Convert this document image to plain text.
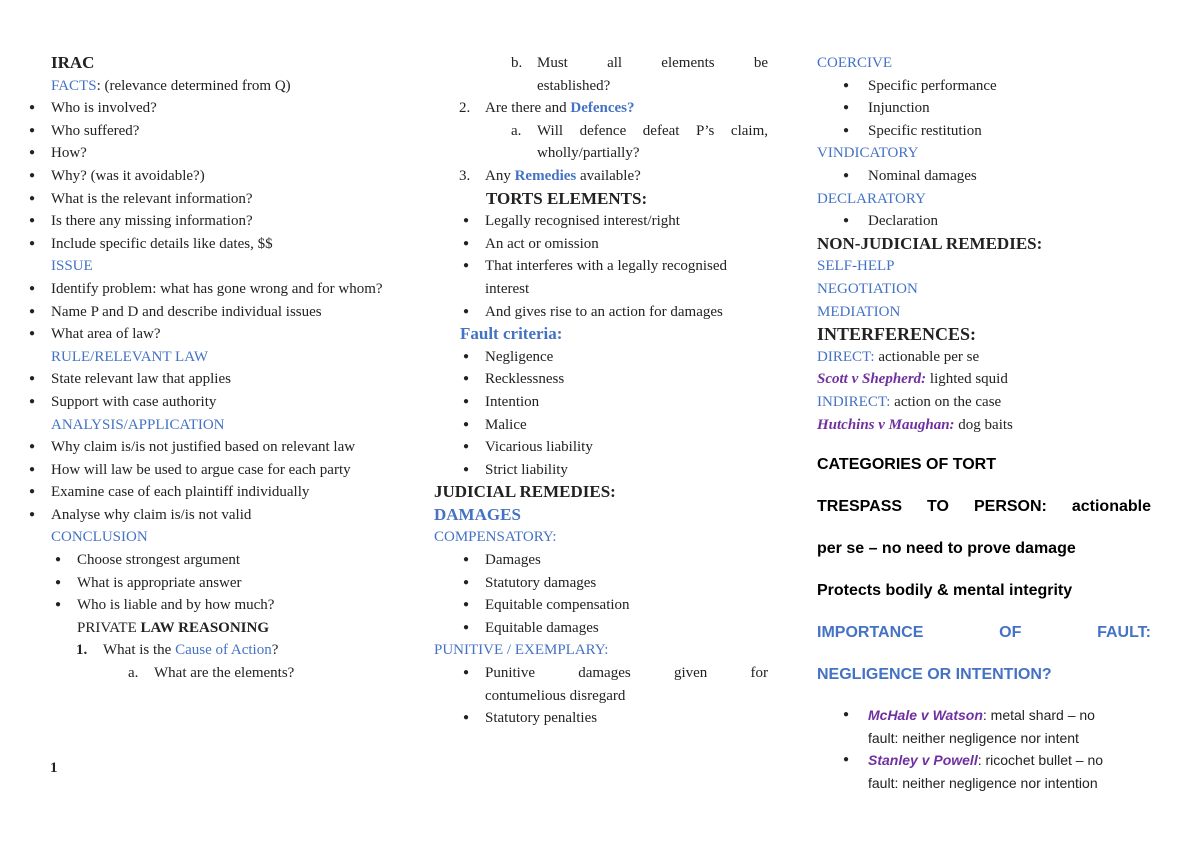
IRAC

FACTS: (relevance determined from Q)

● Who is involved?

● Who suffered?

● How?

● Why? (was it avoidable?)

● What is the relevant information?

● Is there any missing information?

● Include specific details like dates, $$

ISSUE

● Identify problem: what has gone wrong and for whom?

● Name P and D and describe individual issues

● What area of law?

RULE/RELEVANT LAW

● State relevant law that applies

● Support with case authority

ANALYSIS/APPLICATION

● Why claim is/is not justified based on relevant law

● How will law be used to argue case for each party

● Examine case of each plaintiff individually

● Analyse why claim is/is not valid

CONCLUSION

● Choose strongest argument

● What is appropriate answer

● Who is liable and by how much?

PRIVATE LAW REASONING

1. What is the Cause of Action?

a. What are the elements?

b. Must all elements be

established?

2. Are there and Defences?

a. Will defence defeat P’s claim,

wholly/partially?

3. Any Remedies available?

TORTS ELEMENTS:

● Legally recognised interest/right

● An act or omission

● That interferes with a legally recognised interest

● And gives rise to an action for damages

Fault criteria:

● Negligence

● Recklessness

● Intention

● Malice

● Vicarious liability

● Strict liability

JUDICIAL REMEDIES:

DAMAGES

COMPENSATORY:

● Damages

● Statutory damages

● Equitable compensation

● Equitable damages

PUNITIVE / EXEMPLARY:

● Punitive damages given for

contumelious disregard

● Statutory penalties

COERCIVE

● Specific performance

● Injunction

● Specific restitution

VINDICATORY

● Nominal damages

DECLARATORY

● Declaration

NON-JUDICIAL REMEDIES:

SELF-HELP

NEGOTIATION

MEDIATION

INTERFERENCES:

DIRECT: actionable per se

Scott v Shepherd: lighted squid

INDIRECT: action on the case

Hutchins v Maughan: dog baits

CATEGORIES OF TORT

TRESPASS TO PERSON: actionable

per se – no need to prove damage

Protects bodily & mental integrity

IMPORTANCE OF FAULT:

NEGLIGENCE OR INTENTION?

● McHale v Watson: metal shard – no

fault: neither negligence nor intent

● Stanley v Powell: ricochet bullet – no

fault: neither negligence nor intention

1
